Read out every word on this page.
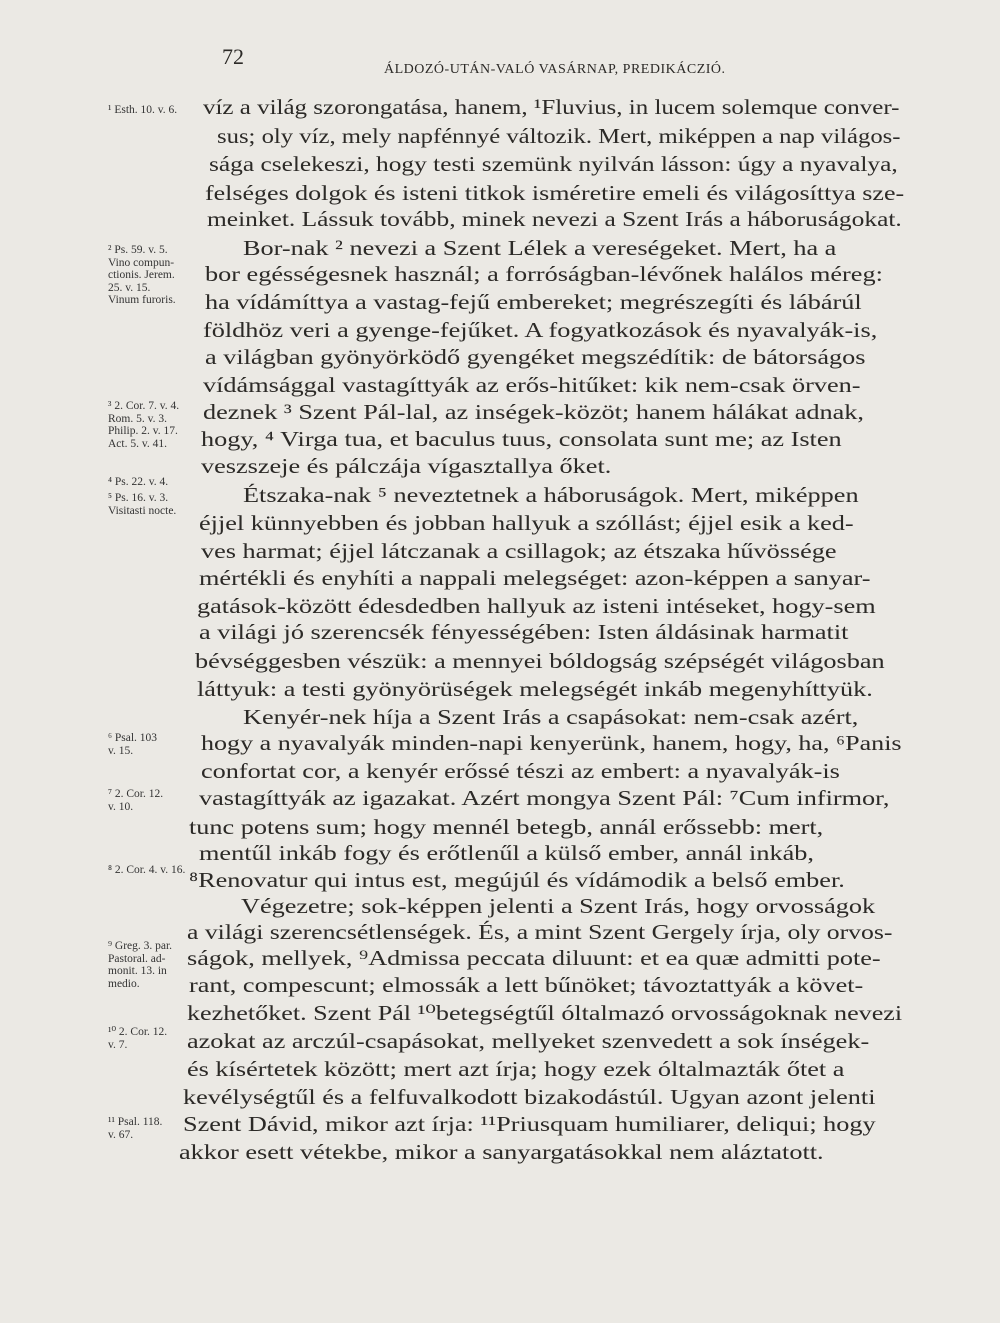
72
ÁLDOZÓ-UTÁN-VALÓ VASÁRNAP, PREDIKÁCZIÓ.
¹ Esth. 10. v. 6.
² Ps. 59. v. 5.
Vino compun-
ctionis. Jerem.
25. v. 15.
Vinum furoris.
³ 2. Cor. 7. v. 4.
Rom. 5. v. 3.
Philip. 2. v. 17.
Act. 5. v. 41.
⁴ Ps. 22. v. 4.
⁵ Ps. 16. v. 3.
Visitasti nocte.
⁶ Psal. 103
v. 15.
⁷ 2. Cor. 12.
v. 10.
⁸ 2. Cor. 4. v. 16.
⁹ Greg. 3. par.
Pastoral. ad-
monit. 13. in
medio.
¹⁰ 2. Cor. 12.
v. 7.
¹¹ Psal. 118.
v. 67.
víz a világ szorongatása, hanem, ¹Fluvius, in lucem solemque conver-
sus; oly víz, mely napfénnyé változik. Mert, miképpen a nap világos-
sága cselekeszi, hogy testi szemünk nyilván lásson: úgy a nyavalya,
felséges dolgok és isteni titkok isméretire emeli és világosíttya sze-
meinket. Lássuk tovább, minek nevezi a Szent Irás a háboruságokat.
Bor-nak ² nevezi a Szent Lélek a vereségeket. Mert, ha a
bor egésségesnek használ; a forróságban-lévőnek halálos méreg:
ha vídámíttya a vastag-fejű embereket; megrészegíti és lábárúl
földhöz veri a gyenge-fejűket. A fogyatkozások és nyavalyák-is,
a világban gyönyörködő gyengéket megszédítik: de bátorságos
vídámsággal vastagíttyák az erős-hitűket: kik nem-csak örven-
deznek ³ Szent Pál-lal, az inségek-közöt; hanem hálákat adnak,
hogy, ⁴ Virga tua, et baculus tuus, consolata sunt me; az Isten
veszszeje és pálczája vígasztallya őket.
Étszaka-nak ⁵ neveztetnek a háboruságok. Mert, miképpen
éjjel künnyebben és jobban hallyuk a szóllást; éjjel esik a ked-
ves harmat; éjjel látczanak a csillagok; az étszaka hűvössége
mértékli és enyhíti a nappali melegséget: azon-képpen a sanyar-
gatások-között édesdedben hallyuk az isteni intéseket, hogy-sem
a világi jó szerencsék fényességében: Isten áldásinak harmatit
bévséggesben vészük: a mennyei bóldogság szépségét világosban
láttyuk: a testi gyönyörüségek melegségét inkáb megenyhíttyük.
Kenyér-nek híja a Szent Irás a csapásokat: nem-csak azért,
hogy a nyavalyák minden-napi kenyerünk, hanem, hogy, ha, ⁶Panis
confortat cor, a kenyér erőssé tészi az embert: a nyavalyák-is
vastagíttyák az igazakat. Azért mongya Szent Pál: ⁷Cum infirmor,
tunc potens sum; hogy mennél betegb, annál erőssebb: mert,
mentűl inkáb fogy és erőtlenűl a külső ember, annál inkáb,
⁸Renovatur qui intus est, megújúl és vídámodik a belső ember.
Végezetre; sok-képpen jelenti a Szent Irás, hogy orvosságok
a világi szerencsétlenségek. És, a mint Szent Gergely írja, oly orvos-
ságok, mellyek, ⁹Admissa peccata diluunt: et ea quæ admitti pote-
rant, compescunt; elmossák a lett bűnöket; távoztattyák a követ-
kezhetőket. Szent Pál ¹⁰betegségtűl óltalmazó orvosságoknak nevezi
azokat az arczúl-csapásokat, mellyeket szenvedett a sok ínségek-
és kísértetek között; mert azt írja; hogy ezek óltalmazták őtet a
kevélységtűl és a felfuvalkodott bizakodástúl. Ugyan azont jelenti
Szent Dávid, mikor azt írja: ¹¹Priusquam humiliarer, deliqui; hogy
akkor esett vétekbe, mikor a sanyargatásokkal nem aláztatott.
